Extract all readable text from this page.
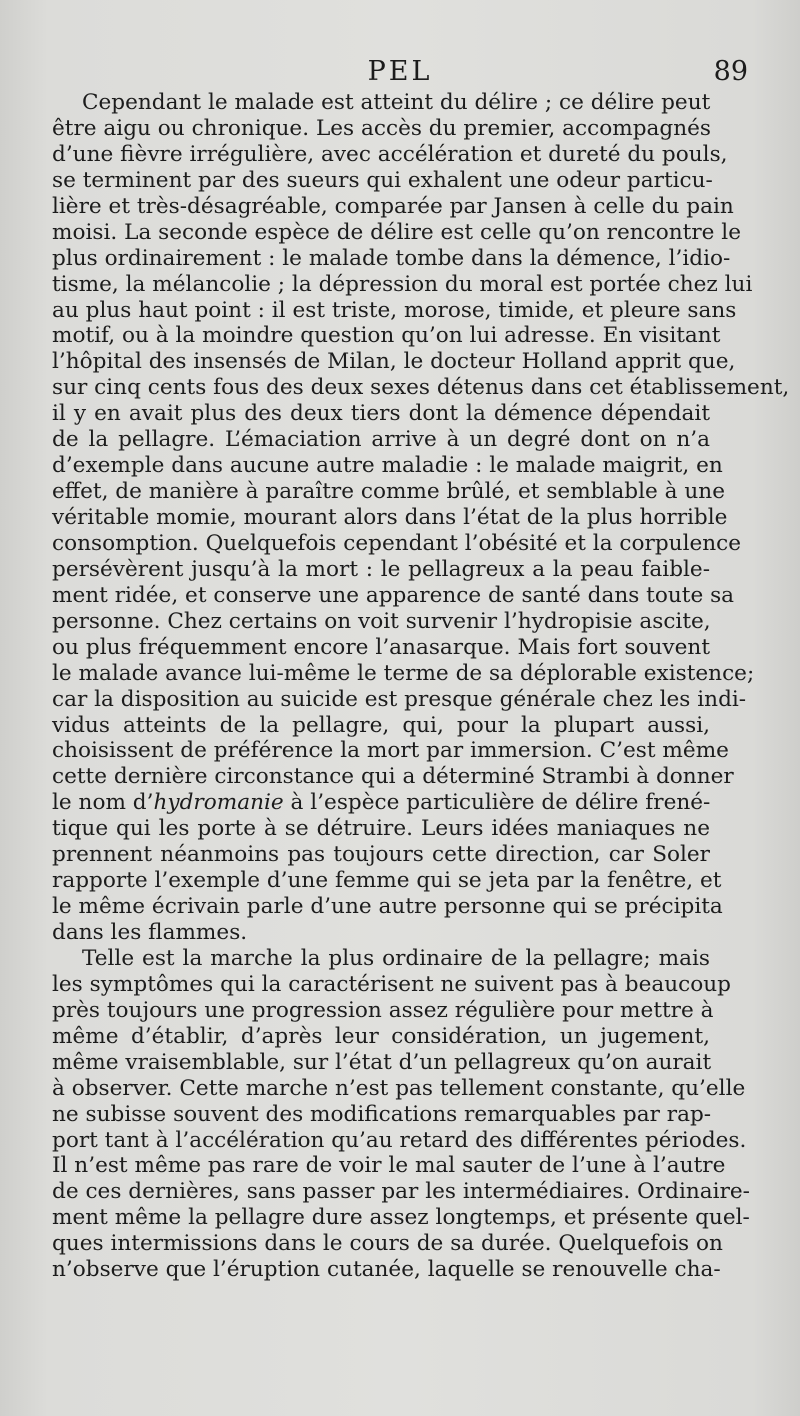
PEL	89
Cependant le malade est atteint du délire ; ce délire peut
être aigu ou chronique. Les accès du premier, accompagnés
d’une fièvre irrégulière, avec accélération et dureté du pouls,
se terminent par des sueurs qui exhalent une odeur particu-
lière et très-désagréable, comparée par Jansen à celle du pain
moisi. La seconde espèce de délire est celle qu’on rencontre le
plus ordinairement : le malade tombe dans la démence, l’idio-
tisme, la mélancolie ; la dépression du moral est portée chez lui
au plus haut point : il est triste, morose, timide, et pleure sans
motif, ou à la moindre question qu’on lui adresse. En visitant
l’hôpital des insensés de Milan, le docteur Holland apprit que,
sur cinq cents fous des deux sexes détenus dans cet établissement,
il y en avait plus des deux tiers dont la démence dépendait
de la pellagre. L’émaciation arrive à un degré dont on n’a
d’exemple dans aucune autre maladie : le malade maigrit, en
effet, de manière à paraître comme brûlé, et semblable à une
véritable momie, mourant alors dans l’état de la plus horrible
consomption. Quelquefois cependant l’obésité et la corpulence
persévèrent jusqu’à la mort : le pellagreux a la peau faible-
ment ridée, et conserve une apparence de santé dans toute sa
personne. Chez certains on voit survenir l’hydropisie ascite,
ou plus fréquemment encore l’anasarque. Mais fort souvent
le malade avance lui-même le terme de sa déplorable existence;
car la disposition au suicide est presque générale chez les indi-
vidus atteints de la pellagre, qui, pour la plupart aussi,
choisissent de préférence la mort par immersion. C’est même
cette dernière circonstance qui a déterminé Strambi à donner
le nom d’hydromanie à l’espèce particulière de délire frené-
tique qui les porte à se détruire. Leurs idées maniaques ne
prennent néanmoins pas toujours cette direction, car Soler
rapporte l’exemple d’une femme qui se jeta par la fenêtre, et
le même écrivain parle d’une autre personne qui se précipita
dans les flammes.
Telle est la marche la plus ordinaire de la pellagre; mais
les symptômes qui la caractérisent ne suivent pas à beaucoup
près toujours une progression assez régulière pour mettre à
même d’établir, d’après leur considération, un jugement,
même vraisemblable, sur l’état d’un pellagreux qu’on aurait
à observer. Cette marche n’est pas tellement constante, qu’elle
ne subisse souvent des modifications remarquables par rap-
port tant à l’accélération qu’au retard des différentes périodes.
Il n’est même pas rare de voir le mal sauter de l’une à l’autre
de ces dernières, sans passer par les intermédiaires. Ordinaire-
ment même la pellagre dure assez longtemps, et présente quel-
ques intermissions dans le cours de sa durée. Quelquefois on
n’observe que l’éruption cutanée, laquelle se renouvelle cha-
